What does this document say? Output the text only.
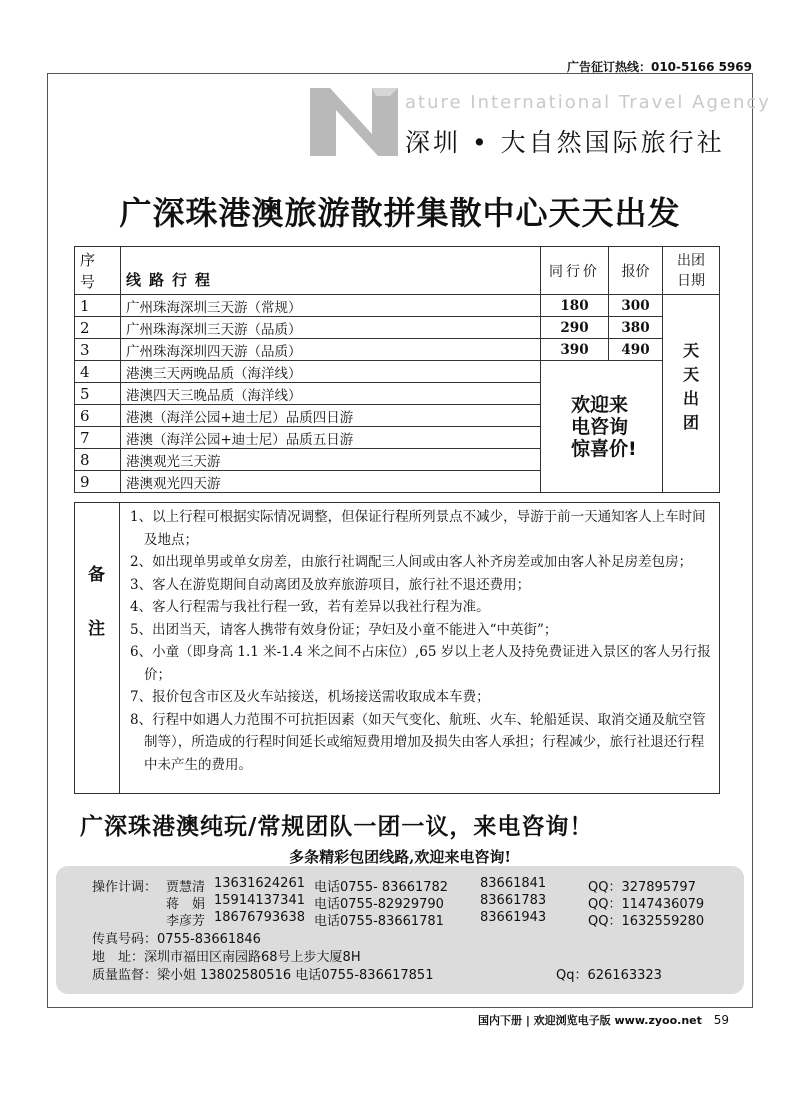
广告征订热线：010-5166 5969
ature International Travel Agency
深圳 • 大自然国际旅行社
广深珠港澳旅游散拼集散中心天天出发
序号	线路行程	同行价	报价	出团日期

1	广州珠海深圳三天游（常规）	180	300	天天出团

2	广州珠海深圳三天游（品质）	290	380	
3	广州珠海深圳四天游（品质）	390	490	
4	港澳三天两晚品质（海洋线）	欢迎来电咨询惊喜价!		

5	港澳四天三晚品质（海洋线）			
6	港澳（海洋公园+迪士尼）品质四日游			
7	港澳（海洋公园+迪士尼）品质五日游			
8	港澳观光三天游			
9	港澳观光四天游			
备
注

1、以上行程可根据实际情况调整，但保证行程所列景点不减少，导游于前一天通知客人上车时间及地点；

2、如出现单男或单女房差，由旅行社调配三人间或由客人补齐房差或加由客人补足房差包房；

3、客人在游览期间自动离团及放弃旅游项目，旅行社不退还费用；

4、客人行程需与我社行程一致，若有差异以我社行程为准。

5、出团当天，请客人携带有效身份证；孕妇及小童不能进入“中英街”；

6、小童（即身高 1.1 米-1.4 米之间不占床位）,65 岁以上老人及持免费证进入景区的客人另行报价；

7、报价包含市区及火车站接送，机场接送需收取成本车费；

8、行程中如遇人力范围不可抗拒因素（如天气变化、航班、火车、轮船延误、取消交通及航空管制等），所造成的行程时间延长或缩短费用增加及损失由客人承担；行程减少，旅行社退还行程中未产生的费用。

广深珠港澳纯玩/常规团队一团一议，来电咨询！
多条精彩包团线路,欢迎来电咨询!
操作计调： 贾慧清 13631624261 电话0755- 83661782 83661841	QQ：327895797
蒋　娟 15914137341 电话0755-82929790	83661783	QQ：1147436079
李彦芳 18676793638 电话0755-83661781	83661943	QQ：1632559280
传真号码：0755-83661846
地　址：深圳市福田区南园路68号上步大厦8H
质量监督：梁小姐 13802580516 电话0755-836617851	Qq：626163323
国内下册 | 欢迎浏览电子版 www.zyoo.net 59
